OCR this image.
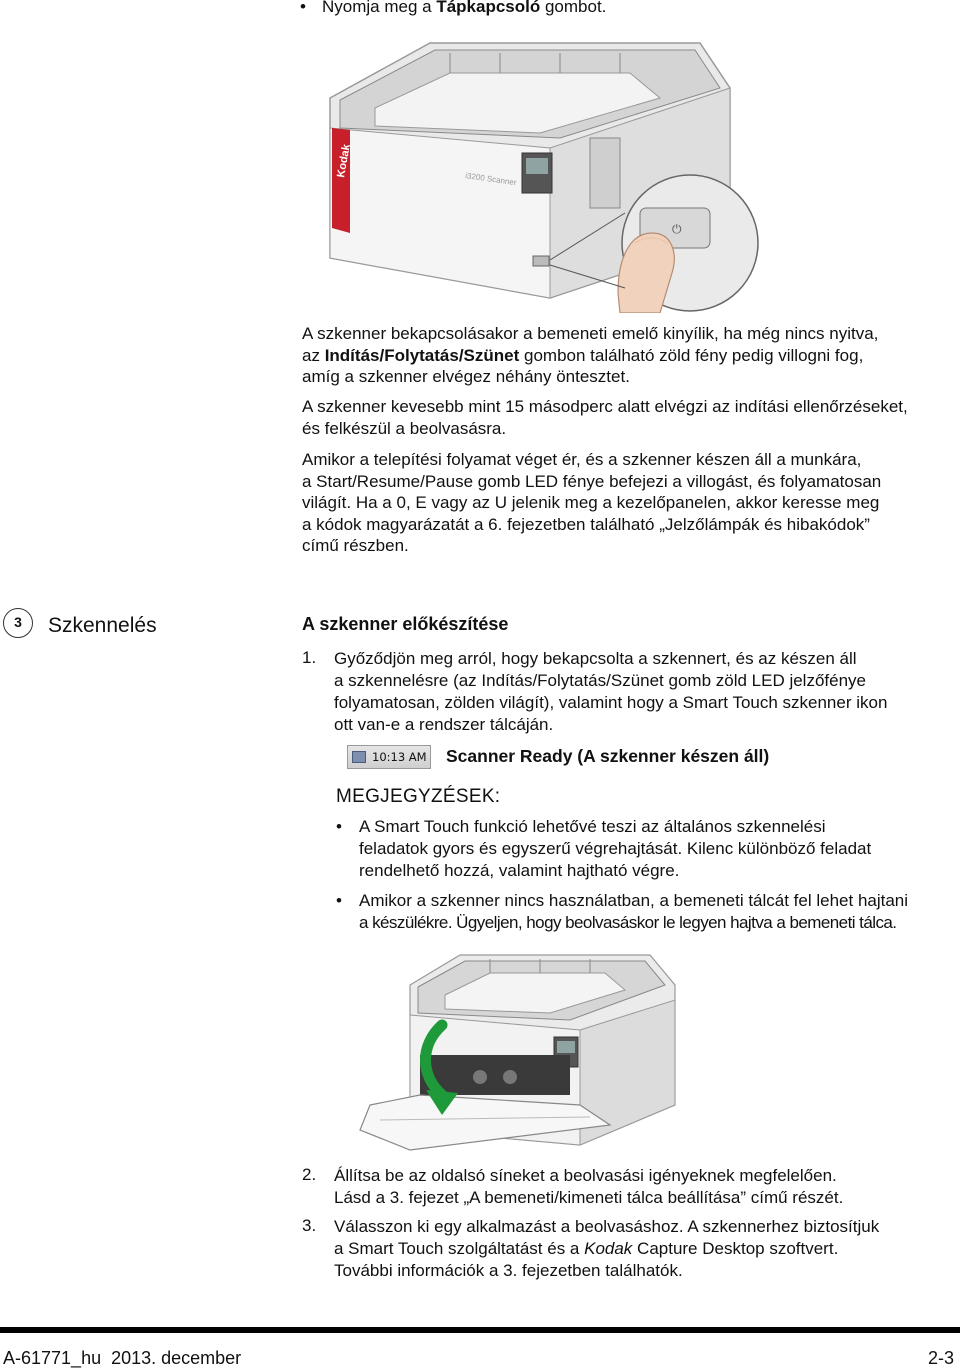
• Nyomja meg a Tápkapcsoló gombot.
Kodak
i3200 Scanner
⏻

A szkenner bekapcsolásakor a bemeneti emelő kinyílik, ha még nincs nyitva,

az Indítás/Folytatás/Szünet gombon található zöld fény pedig villogni fog,

amíg a szkenner elvégez néhány öntesztet.

A szkenner kevesebb mint 15 másodperc alatt elvégzi az indítási ellenőrzéseket,

és felkészül a beolvasásra.

Amikor a telepítési folyamat véget ér, és a szkenner készen áll a munkára,

a Start/Resume/Pause gomb LED fénye befejezi a villogást, és folyamatosan

világít. Ha a 0, E vagy az U jelenik meg a kezelőpanelen, akkor keresse meg

a kódok magyarázatát a 6. fejezetben található „Jelzőlámpák és hibakódok”

című részben.

3	Szkennelés	A szkenner előkészítése
1. Győződjön meg arról, hogy bekapcsolta a szkennert, és az készen áll
a szkennelésre (az Indítás/Folytatás/Szünet gomb zöld LED jelzőfénye
folyamatosan, zölden világít), valamint hogy a Smart Touch szkenner ikon
ott van-e a rendszer tálcáján.
10:13 AM Scanner Ready (A szkenner készen áll)
MEGJEGYZÉSEK:
• A Smart Touch funkció lehetővé teszi az általános szkennelési
feladatok gyors és egyszerű végrehajtását. Kilenc különböző feladat
rendelhető hozzá, valamint hajtható végre.
• Amikor a szkenner nincs használatban, a bemeneti tálcát fel lehet hajtani
a készülékre. Ügyeljen, hogy beolvasáskor le legyen hajtva a bemeneti tálca.
2. Állítsa be az oldalsó síneket a beolvasási igényeknek megfelelően.
Lásd a 3. fejezet „A bemeneti/kimeneti tálca beállítása” című részét.
3. Válasszon ki egy alkalmazást a beolvasáshoz. A szkennerhez biztosítjuk
a Smart Touch szolgáltatást és a Kodak Capture Desktop szoftvert.
További információk a 3. fejezetben találhatók.
A-61771_hu  2013. december	2-3
